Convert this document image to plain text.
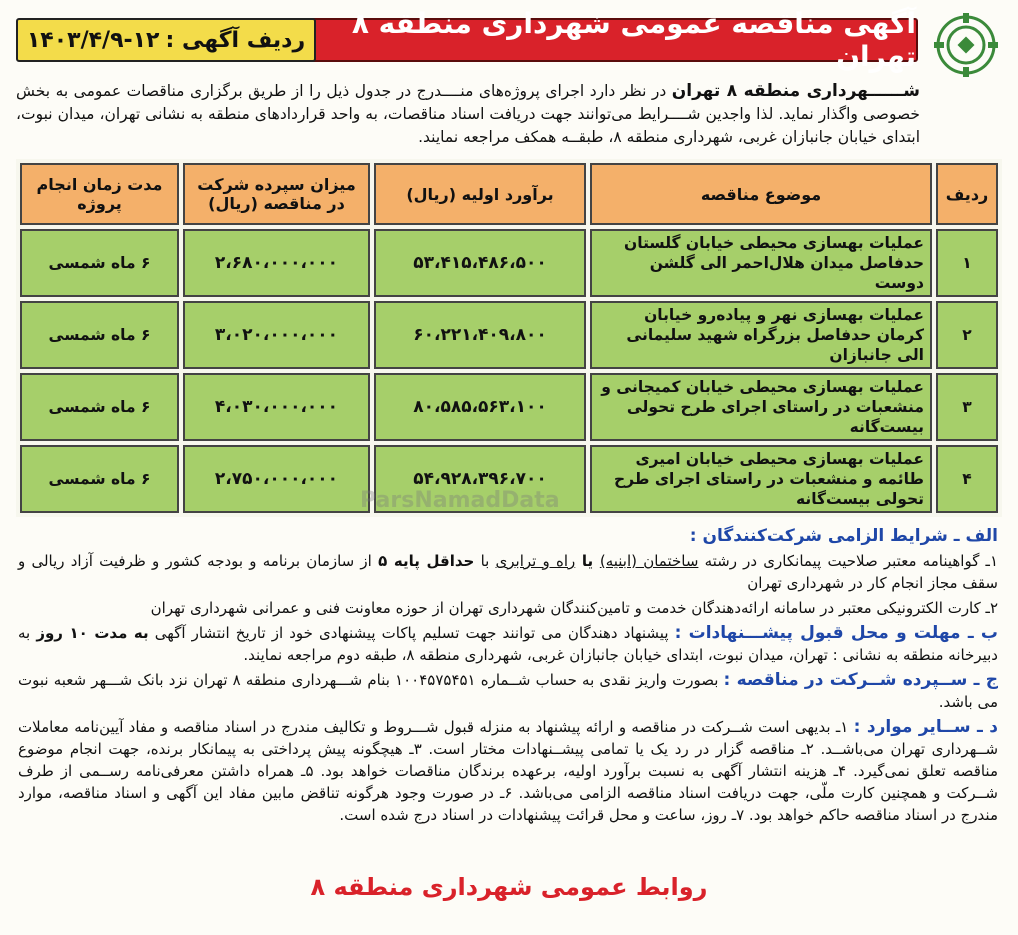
آگهی مناقصه عمومی شهرداری منطقه ۸ تهران
ردیف آگهی :
۱۴۰۳/۴/۹-۱۲
شــــــهرداری منطقه ۸ تهران در نظر دارد اجرای پروژه‌های منــــدرج در جدول ذیل را از طریق برگزاری مناقصات عمومی به بخش خصوصی واگذار نماید. لذا واجدین شــــرایط می‌توانند جهت دریافت اسناد مناقصات، به واحد قراردادهای منطقه به نشانی تهران، میدان نبوت، ابتدای خیابان جانبازان غربی، شهرداری منطقه ۸، طبقــه همکف مراجعه نمایند.
ردیف	موضوع مناقصه	برآورد اولیه (ریال)	میزان سپرده شرکت در مناقصه (ریال)	مدت زمان انجام پروژه
۱	عملیات بهسازی محیطی خیابان گلستان حدفاصل میدان هلال‌احمر الی گلشن دوست	۵۳،۴۱۵،۴۸۶،۵۰۰	۲،۶۸۰،۰۰۰،۰۰۰	۶ ماه شمسی
۲	عملیات بهسازی نهر و پیاده‌رو خیابان کرمان حدفاصل بزرگراه شهید سلیمانی الی جانبازان	۶۰،۲۲۱،۴۰۹،۸۰۰	۳،۰۲۰،۰۰۰،۰۰۰	۶ ماه شمسی
۳	عملیات بهسازی محیطی خیابان کمیجانی و منشعبات در راستای اجرای طرح تحولی بیست‌گانه	۸۰،۵۸۵،۵۶۳،۱۰۰	۴،۰۳۰،۰۰۰،۰۰۰	۶ ماه شمسی
۴	عملیات بهسازی محیطی خیابان امیری طائمه و منشعبات در راستای اجرای طرح تحولی بیست‌گانه	۵۴،۹۲۸،۳۹۶،۷۰۰	۲،۷۵۰،۰۰۰،۰۰۰	۶ ماه شمسی
ParsNamadData

الف ـ شرایط الزامی شرکت‌کنندگان :

۱ـ گواهینامه معتبر صلاحیت پیمانکاری در رشته ساختمان (ابنیه) یا راه و ترابری با حداقل پایه ۵ از سازمان برنامه و بودجه کشور و ظرفیت آزاد ریالی و سقف مجاز انجام کار در شهرداری تهران

۲ـ کارت الکترونیکی معتبر در سامانه ارائه‌دهندگان خدمت و تامین‌کنندگان شهرداری تهران از حوزه معاونت فنی و عمرانی شهرداری تهران

ب ـ مهلت و محل قبول پیشـــنهادات : پیشنهاد دهندگان می توانند جهت تسلیم پاکات پیشنهادی خود از تاریخ انتشار آگهی به مدت ۱۰ روز به دبیرخانه منطقه به نشانی : تهران، میدان نبوت، ابتدای خیابان جانبازان غربی، شهرداری منطقه ۸، طبقه دوم مراجعه نمایند.

ج ـ ســپرده شــرکت در مناقصه : بصورت واریز نقدی به حساب شــماره ۱۰۰۴۵۷۵۴۵۱ بنام شـــهرداری منطقه ۸ تهران نزد بانک شـــهر شعبه نبوت می باشد.

د ـ ســایر موارد : ۱ـ بدیهی است شــرکت در مناقصه و ارائه پیشنهاد به منزله قبول شـــروط و تکالیف مندرج در اسناد مناقصه و مفاد آیین‌نامه معاملات شــهرداری تهران می‌باشــد. ۲ـ مناقصه گزار در رد یک یا تمامی پیشــنهادات مختار است. ۳ـ هیچگونه پیش پرداختی به پیمانکار برنده، جهت انجام موضوع مناقصه تعلق نمی‌گیرد. ۴ـ هزینه انتشار آگهی به نسبت برآورد اولیه، برعهده برندگان مناقصات خواهد بود. ۵ـ همراه داشتن معرفی‌نامه رســمی از طرف شــرکت و همچنین کارت ملّی، جهت دریافت اسناد مناقصه الزامی می‌باشد. ۶ـ در صورت وجود هرگونه تناقض مابین مفاد این آگهی و اسناد مناقصه، موارد مندرج در اسناد مناقصه حاکم خواهد بود. ۷ـ روز، ساعت و محل قرائت پیشنهادات در اسناد درج شده است.

روابط عمومی شهرداری منطقه ۸
